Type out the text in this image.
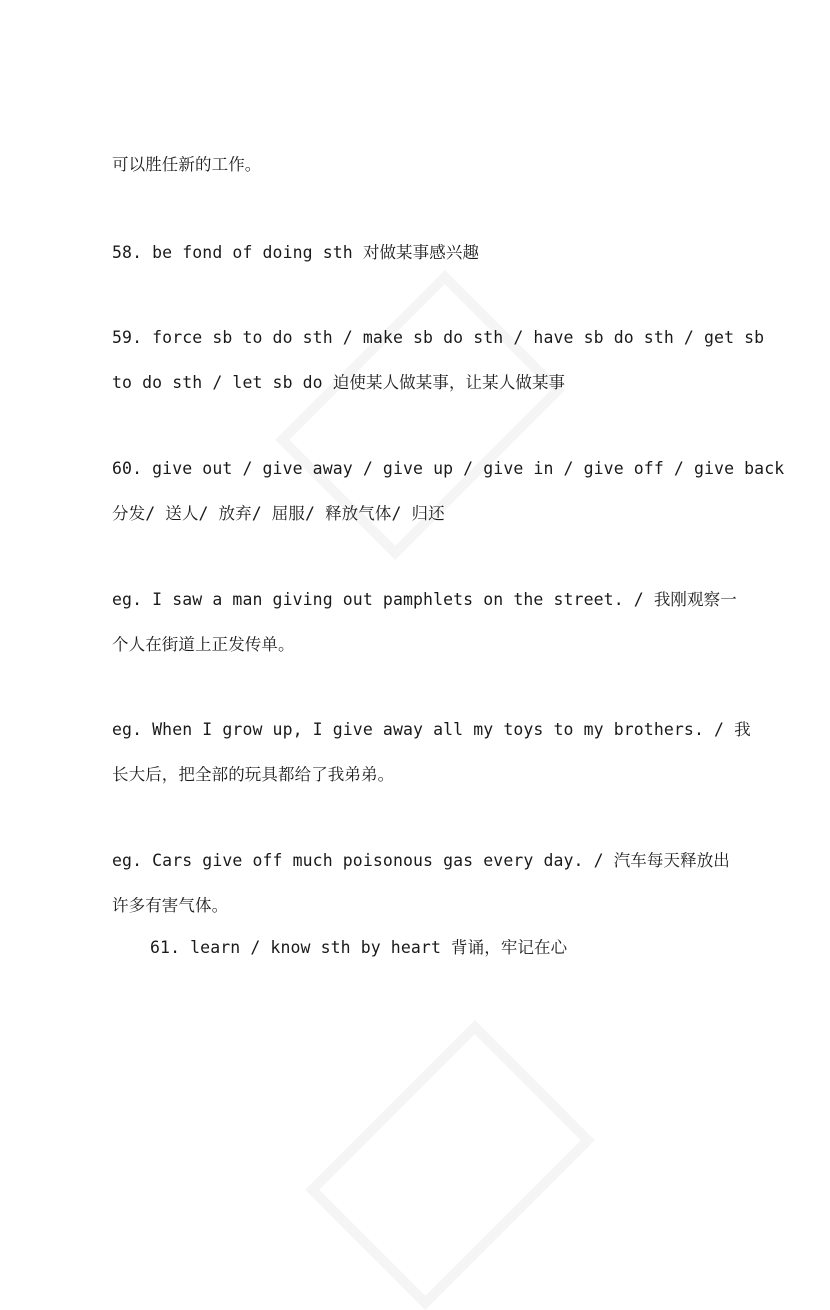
可以胜任新的工作。
58. be fond of doing sth 对做某事感兴趣
59. force sb to do sth / make sb do sth / have sb do sth / get sb
to do sth / let sb do 迫使某人做某事，让某人做某事
60. give out / give away / give up / give in / give off / give back
分发/ 送人/ 放弃/ 屈服/ 释放气体/ 归还
eg. I saw a man giving out pamphlets on the street. / 我刚观察一
个人在街道上正发传单。
eg. When I grow up, I give away all my toys to my brothers. / 我
长大后，把全部的玩具都给了我弟弟。
eg. Cars give off much poisonous gas every day. / 汽车每天释放出
许多有害气体。
61. learn / know sth by heart 背诵，牢记在心
